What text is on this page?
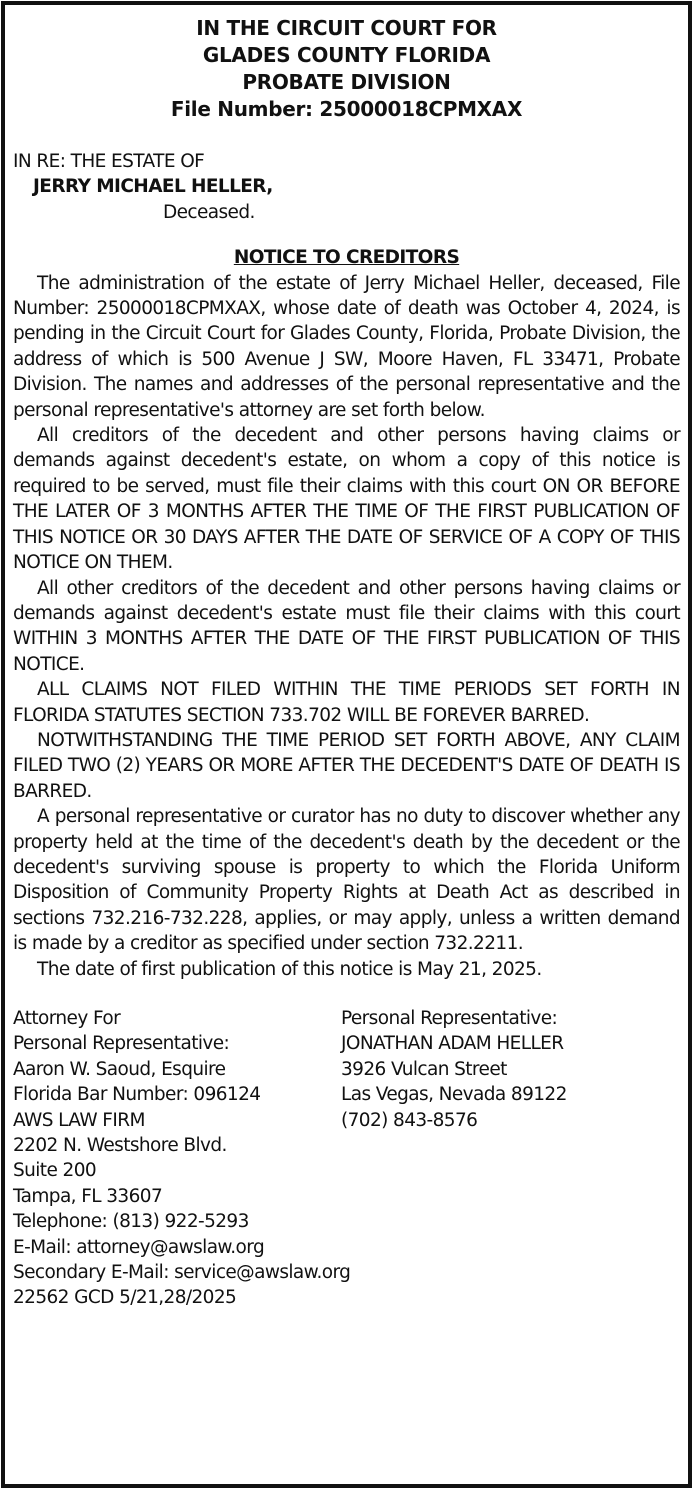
IN THE CIRCUIT COURT FOR
GLADES COUNTY FLORIDA
PROBATE DIVISION
File Number: 25000018CPMXAX
IN RE: THE ESTATE OF
JERRY MICHAEL HELLER,
Deceased.
NOTICE TO CREDITORS

The administration of the estate of Jerry Michael Heller, deceased, File Number: 25000018CPMXAX, whose date of death was October 4, 2024, is pending in the Circuit Court for Glades County, Florida, Probate Division, the address of which is 500 Avenue J SW, Moore Haven, FL 33471, Probate Division. The names and addresses of the personal representative and the personal representative's attorney are set forth below.

All creditors of the decedent and other persons having claims or demands against decedent's estate, on whom a copy of this notice is required to be served, must file their claims with this court ON OR BEFORE THE LATER OF 3 MONTHS AFTER THE TIME OF THE FIRST PUBLICATION OF THIS NOTICE OR 30 DAYS AFTER THE DATE OF SERVICE OF A COPY OF THIS NOTICE ON THEM.

All other creditors of the decedent and other persons having claims or demands against decedent's estate must file their claims with this court WITHIN 3 MONTHS AFTER THE DATE OF THE FIRST PUBLICATION OF THIS NOTICE.

ALL CLAIMS NOT FILED WITHIN THE TIME PERIODS SET FORTH IN FLORIDA STATUTES SECTION 733.702 WILL BE FOREVER BARRED.

NOTWITHSTANDING THE TIME PERIOD SET FORTH ABOVE, ANY CLAIM FILED TWO (2) YEARS OR MORE AFTER THE DECEDENT'S DATE OF DEATH IS BARRED.

A personal representative or curator has no duty to discover whether any property held at the time of the decedent's death by the decedent or the decedent's surviving spouse is property to which the Florida Uniform Disposition of Community Property Rights at Death Act as described in sections 732.216-732.228, applies, or may apply, unless a written demand is made by a creditor as specified under section 732.2211.

The date of first publication of this notice is May 21, 2025.

Attorney For
Personal Representative:
Aaron W. Saoud, Esquire
Florida Bar Number: 096124
AWS LAW FIRM
Personal Representative:
JONATHAN ADAM HELLER
3926 Vulcan Street
Las Vegas, Nevada 89122
(702) 843-8576
2202 N. Westshore Blvd.
Suite 200
Tampa, FL 33607
Telephone: (813) 922-5293
E-Mail: attorney@awslaw.org
Secondary E-Mail: service@awslaw.org
22562 GCD 5/21,28/2025
